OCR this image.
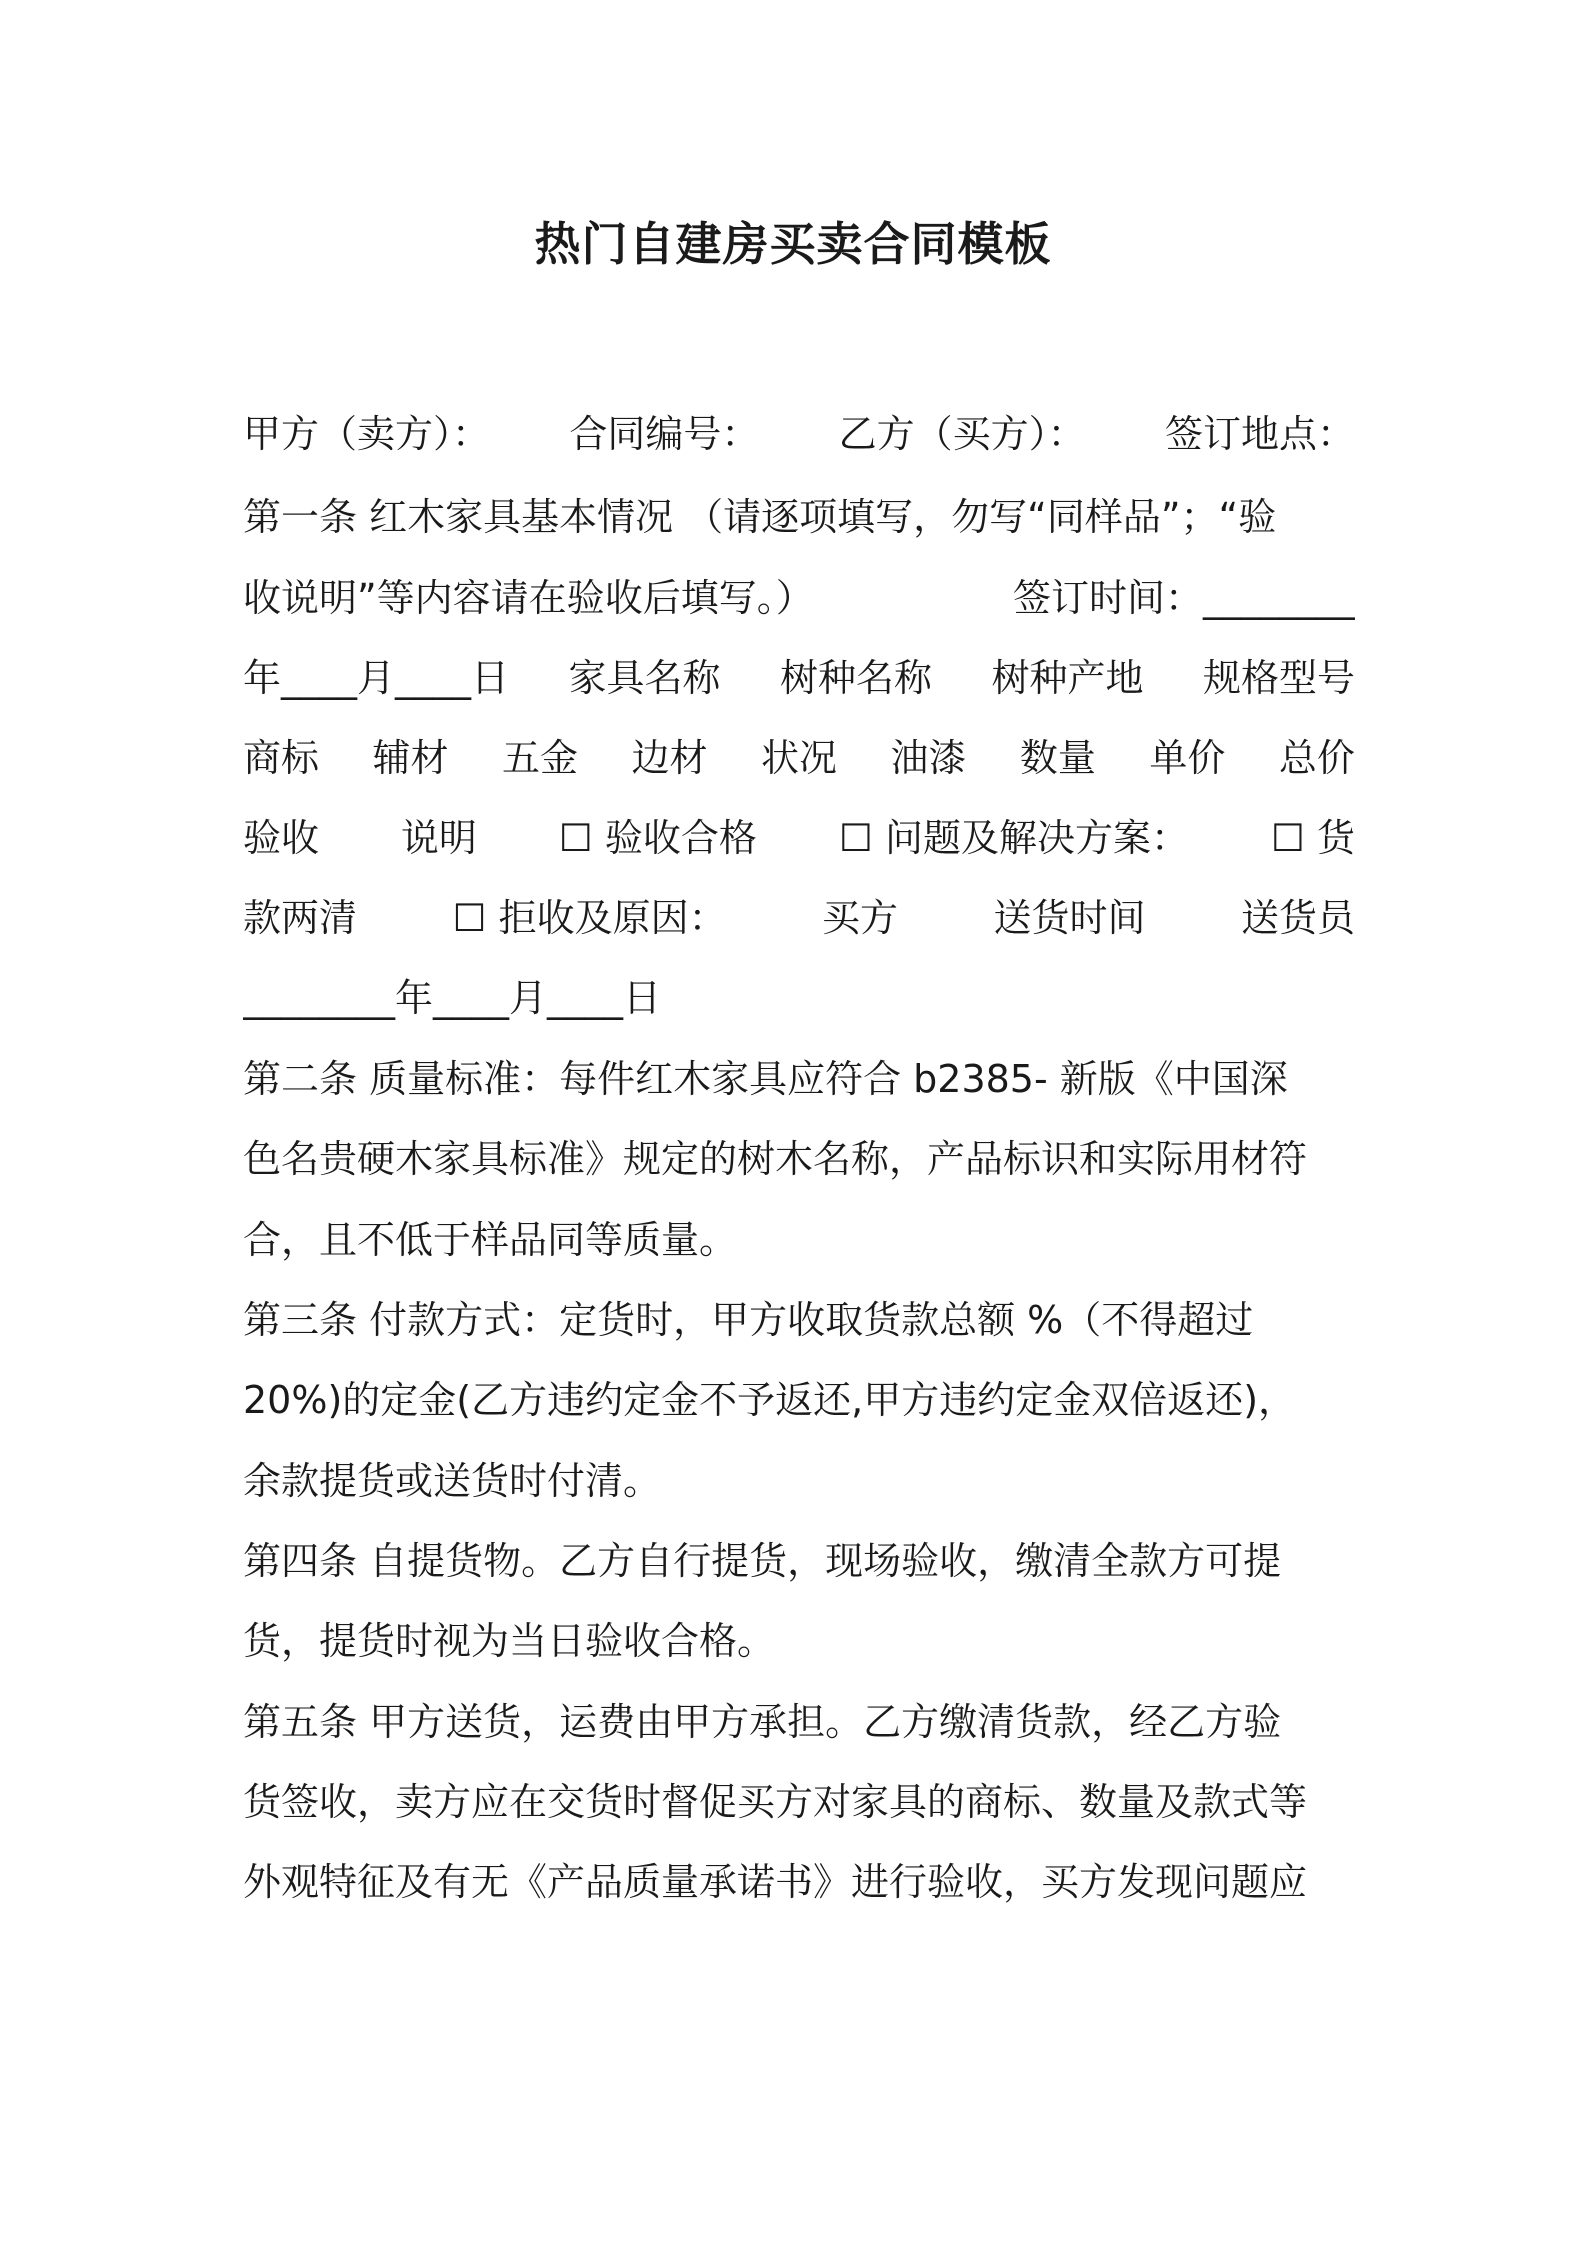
热门自建房买卖合同模板
甲方（卖方）： 合同编号： 乙方（买方）： 签订地点：
第一条 红木家具基本情况 （请逐项填写，勿写“同样品”；“验
收说明”等内容请在验收后填写。）	签订时间：________
年____月____日 家具名称 树种名称 树种产地 规格型号
商标 辅材 五金 边材 状况 油漆 数量 单价 总价
验收 说明 ☐ 验收合格 ☐ 问题及解决方案： ☐ 货
款两清	☐ 拒收及原因：	买方	送货时间	送货员
________年____月____日
第二条 质量标准：每件红木家具应符合 b2385- 新版《中国深
色名贵硬木家具标准》规定的树木名称，产品标识和实际用材符
合，且不低于样品同等质量。
第三条 付款方式：定货时，甲方收取货款总额 %（不得超过
20%)的定金(乙方违约定金不予返还,甲方违约定金双倍返还)，
余款提货或送货时付清。
第四条 自提货物。乙方自行提货，现场验收，缴清全款方可提
货，提货时视为当日验收合格。
第五条 甲方送货，运费由甲方承担。乙方缴清货款，经乙方验
货签收，卖方应在交货时督促买方对家具的商标、数量及款式等
外观特征及有无《产品质量承诺书》进行验收，买方发现问题应
